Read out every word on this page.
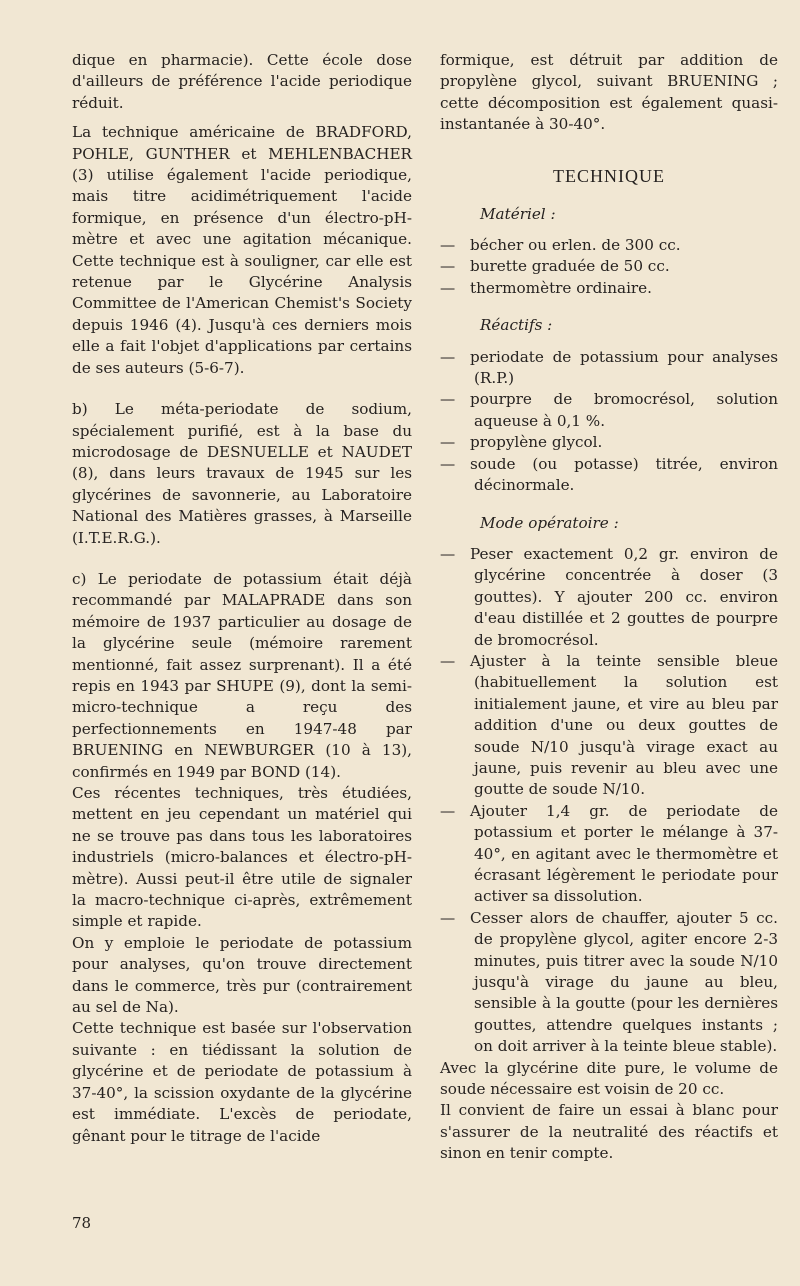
dique en pharmacie). Cette école dose d'ailleurs de préférence l'acide periodique réduit.

La technique américaine de BRADFORD, POHLE, GUNTHER et MEHLENBACHER (3) utilise également l'acide periodique, mais titre acidimétriquement l'acide formique, en présence d'un électro-pH-mètre et avec une agitation mécanique. Cette technique est à souligner, car elle est retenue par le Glycérine Analysis Committee de l'American Chemist's Society depuis 1946 (4). Jusqu'à ces derniers mois elle a fait l'objet d'applications par certains de ses auteurs (5-6-7).

b) Le méta-periodate de sodium, spécialement purifié, est à la base du microdosage de DESNUELLE et NAUDET (8), dans leurs travaux de 1945 sur les glycérines de savonnerie, au Laboratoire National des Matières grasses, à Marseille (I.T.E.R.G.).

c) Le periodate de potassium était déjà recommandé par MALAPRADE dans son mémoire de 1937 particulier au dosage de la glycérine seule (mémoire rarement mentionné, fait assez surprenant). Il a été repis en 1943 par SHUPE (9), dont la semi-micro-technique a reçu des perfectionnements en 1947-48 par BRUENING en NEWBURGER (10 à 13), confirmés en 1949 par BOND (14).

Ces récentes techniques, très étudiées, mettent en jeu cependant un matériel qui ne se trouve pas dans tous les laboratoires industriels (micro-balances et électro-pH-mètre). Aussi peut-il être utile de signaler la macro-technique ci-après, extrêmement simple et rapide.

On y emploie le periodate de potassium pour analyses, qu'on trouve directement dans le commerce, très pur (contrairement au sel de Na).

Cette technique est basée sur l'observation suivante : en tiédissant la solution de glycérine et de periodate de potassium à 37-40°, la scission oxydante de la glycérine est immédiate. L'excès de periodate, gênant pour le titrage de l'acide

formique, est détruit par addition de propylène glycol, suivant BRUENING ; cette décomposition est également quasi-instantanée à 30-40°.

TECHNIQUE

Matériel :

— bécher ou erlen. de 300 cc.
— burette graduée de 50 cc.
— thermomètre ordinaire.

Réactifs :

— periodate de potassium pour analyses (R.P.)
— pourpre de bromocrésol, solution aqueuse à 0,1 %.
— propylène glycol.
— soude (ou potasse) titrée, environ décinormale.

Mode opératoire :

— Peser exactement 0,2 gr. environ de glycérine concentrée à doser (3 gouttes). Y ajouter 200 cc. environ d'eau distillée et 2 gouttes de pourpre de bromocrésol.
— Ajuster à la teinte sensible bleue (habituellement la solution est initialement jaune, et vire au bleu par addition d'une ou deux gouttes de soude N/10 jusqu'à virage exact au jaune, puis revenir au bleu avec une goutte de soude N/10.
— Ajouter 1,4 gr. de periodate de potassium et porter le mélange à 37-40°, en agitant avec le thermomètre et écrasant légèrement le periodate pour activer sa dissolution.
— Cesser alors de chauffer, ajouter 5 cc. de propylène glycol, agiter encore 2-3 minutes, puis titrer avec la soude N/10 jusqu'à virage du jaune au bleu, sensible à la goutte (pour les dernières gouttes, attendre quelques instants ; on doit arriver à la teinte bleue stable).

Avec la glycérine dite pure, le volume de soude nécessaire est voisin de 20 cc.

Il convient de faire un essai à blanc pour s'assurer de la neutralité des réactifs et sinon en tenir compte.

78
